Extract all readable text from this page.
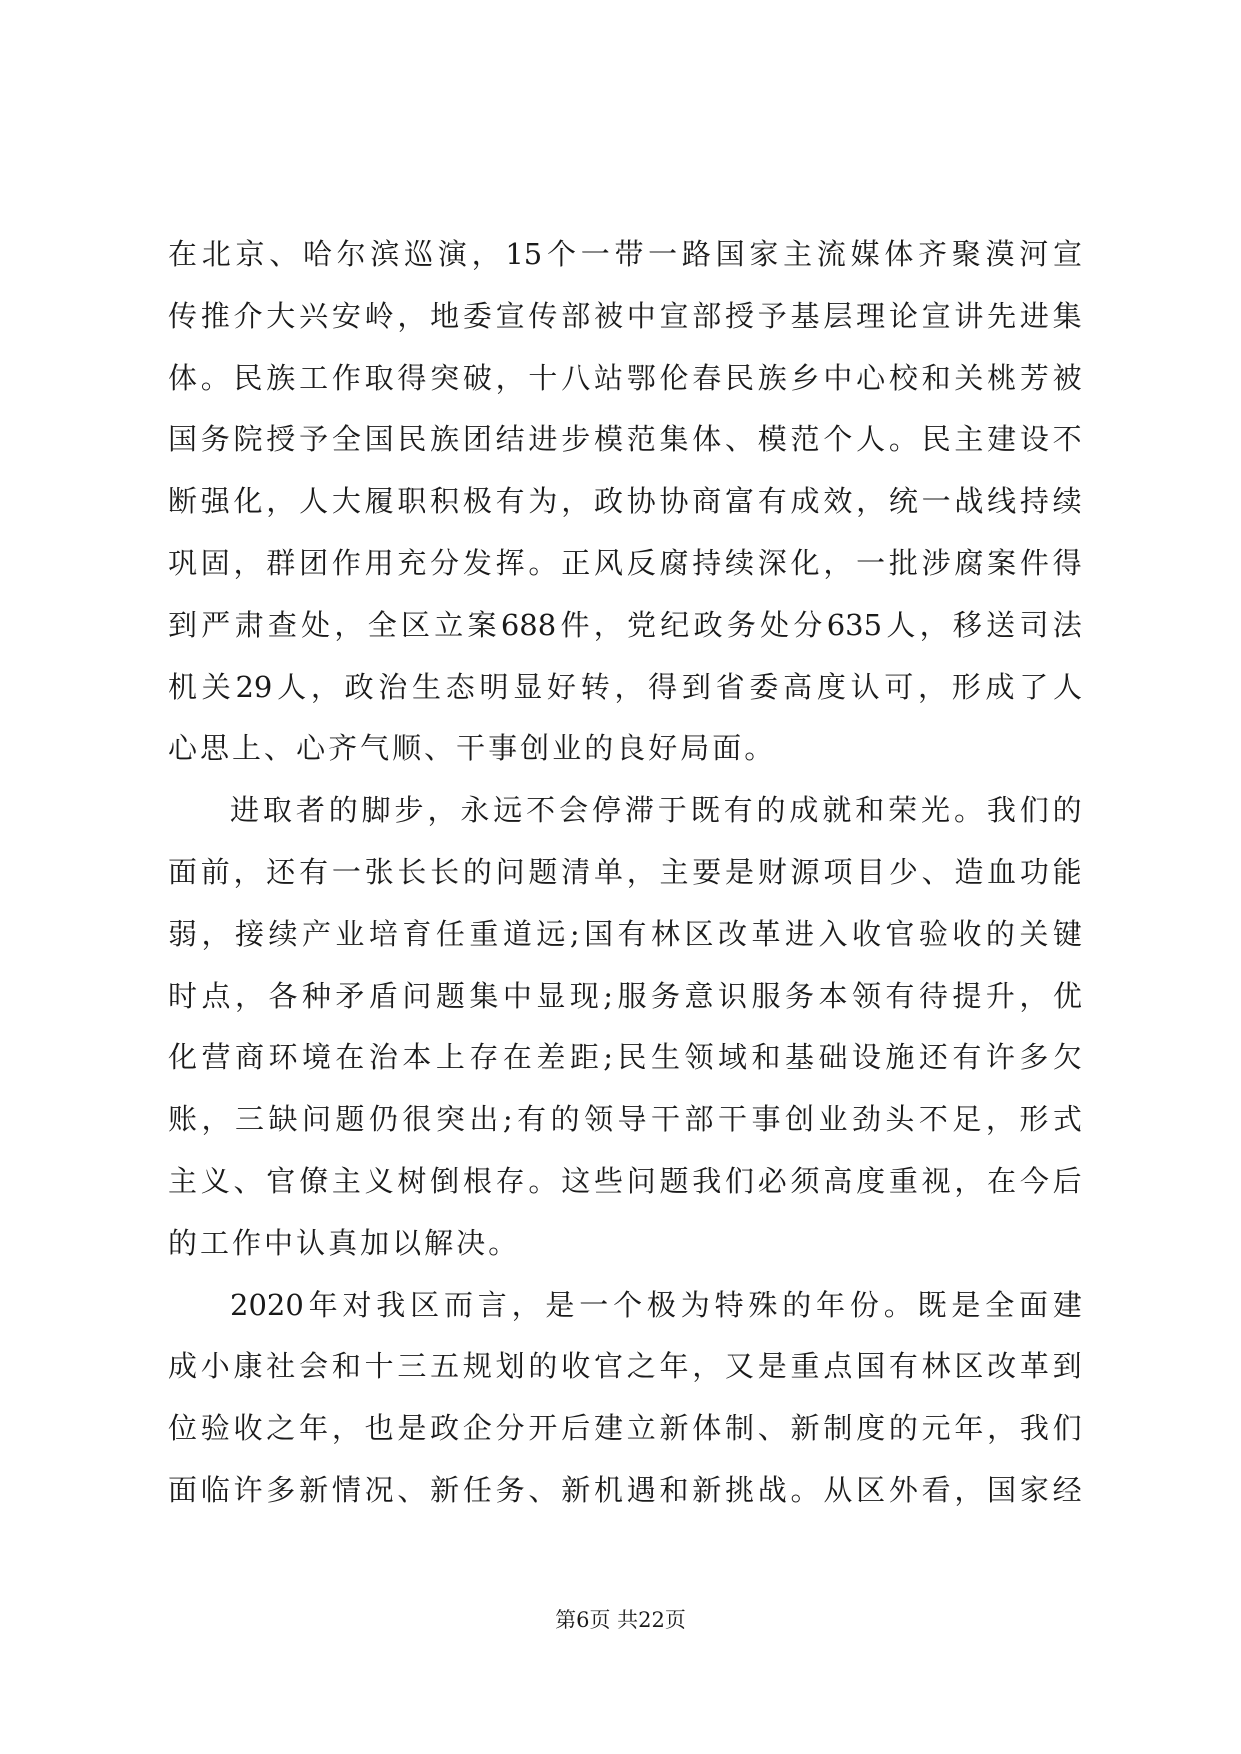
在 北 京 、 哈 尔 滨 巡 演 ， 15 个 一 带 一 路 国 家 主 流 媒 体 齐 聚 漠 河 宣
传 推 介 大 兴 安 岭 ， 地 委 宣 传 部 被 中 宣 部 授 予 基 层 理 论 宣 讲 先 进 集
体 。 民 族 工 作 取 得 突 破 ， 十 八 站 鄂 伦 春 民 族 乡 中 心 校 和 关 桃 芳 被
国 务 院 授 予 全 国 民 族 团 结 进 步 模 范 集 体 、 模 范 个 人 。 民 主 建 设 不
断 强 化 ， 人 大 履 职 积 极 有 为 ， 政 协 协 商 富 有 成 效 ， 统 一 战 线 持 续
巩 固 ， 群 团 作 用 充 分 发 挥 。 正 风 反 腐 持 续 深 化 ， 一 批 涉 腐 案 件 得
到 严 肃 查 处 ， 全 区 立 案 688 件 ， 党 纪 政 务 处 分 635 人 ， 移 送 司 法
机 关 29 人 ， 政 治 生 态 明 显 好 转 ， 得 到 省 委 高 度 认 可 ， 形 成 了 人
心 思 上 、 心 齐 气 顺 、 干 事 创 业 的 良 好 局 面 。
进 取 者 的 脚 步 ， 永 远 不 会 停 滞 于 既 有 的 成 就 和 荣 光 。 我 们 的
面 前 ， 还 有 一 张 长 长 的 问 题 清 单 ， 主 要 是 财 源 项 目 少 、 造 血 功 能
弱 ， 接 续 产 业 培 育 任 重 道 远 ; 国 有 林 区 改 革 进 入 收 官 验 收 的 关 键
时 点 ， 各 种 矛 盾 问 题 集 中 显 现 ; 服 务 意 识 服 务 本 领 有 待 提 升 ， 优
化 营 商 环 境 在 治 本 上 存 在 差 距 ; 民 生 领 域 和 基 础 设 施 还 有 许 多 欠
账 ， 三 缺 问 题 仍 很 突 出 ; 有 的 领 导 干 部 干 事 创 业 劲 头 不 足 ， 形 式
主 义 、 官 僚 主 义 树 倒 根 存 。 这 些 问 题 我 们 必 须 高 度 重 视 ， 在 今 后
的 工 作 中 认 真 加 以 解 决 。
2020 年 对 我 区 而 言 ， 是 一 个 极 为 特 殊 的 年 份 。 既 是 全 面 建
成 小 康 社 会 和 十 三 五 规 划 的 收 官 之 年 ， 又 是 重 点 国 有 林 区 改 革 到
位 验 收 之 年 ， 也 是 政 企 分 开 后 建 立 新 体 制 、 新 制 度 的 元 年 ， 我 们
面 临 许 多 新 情 况 、 新 任 务 、 新 机 遇 和 新 挑 战 。 从 区 外 看 ， 国 家 经
第6页 共22页
